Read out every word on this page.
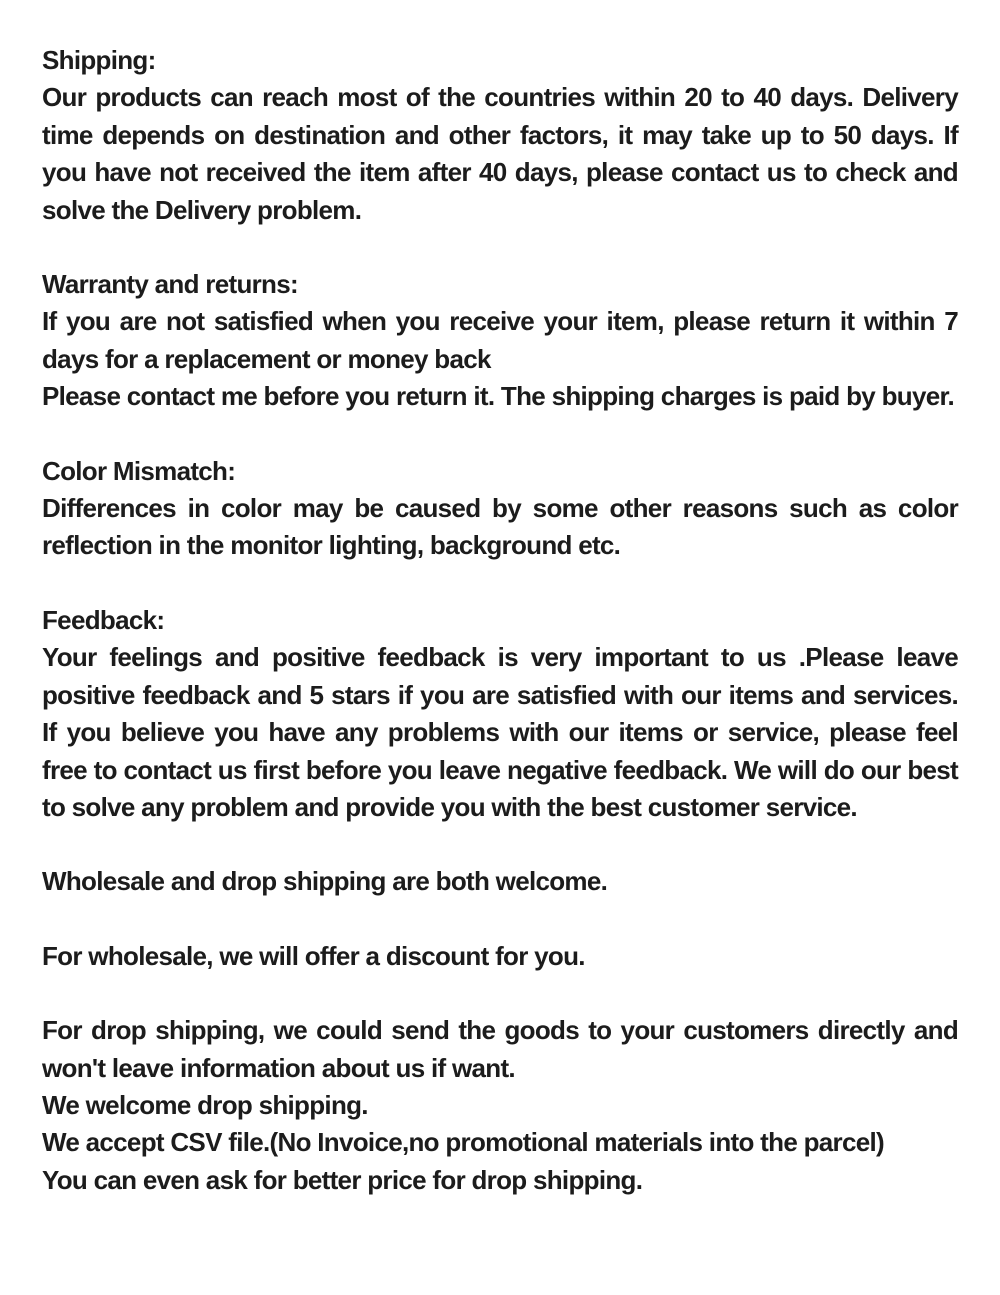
Shipping:

Our products can reach most of the countries within 20 to 40 days. Delivery time depends on destination and other factors, it may take up to 50 days. If you have not received the item after 40 days, please contact us to check and solve the Delivery problem.

Warranty and returns:

If you are not satisfied when you receive your item, please return it within 7 days for a replacement or money back

Please contact me before you return it. The shipping charges is paid by buyer.

Color Mismatch:

Differences in color may be caused by some other reasons such as color reflection in the monitor lighting, background etc.

Feedback:

Your feelings and positive feedback is very important to us .Please leave positive feedback and 5 stars if you are satisfied with our items and services. If you believe you have any problems with our items or service, please feel free to contact us first before you leave negative feedback. We will do our best to solve any problem and provide you with the best customer service.

Wholesale and drop shipping are both welcome.

For wholesale, we will offer a discount for you.

For drop shipping, we could send the goods to your customers directly and won't leave information about us if want.

We welcome drop shipping.

We accept CSV file.(No Invoice,no promotional materials into the parcel)

You can even ask for better price for drop shipping.
